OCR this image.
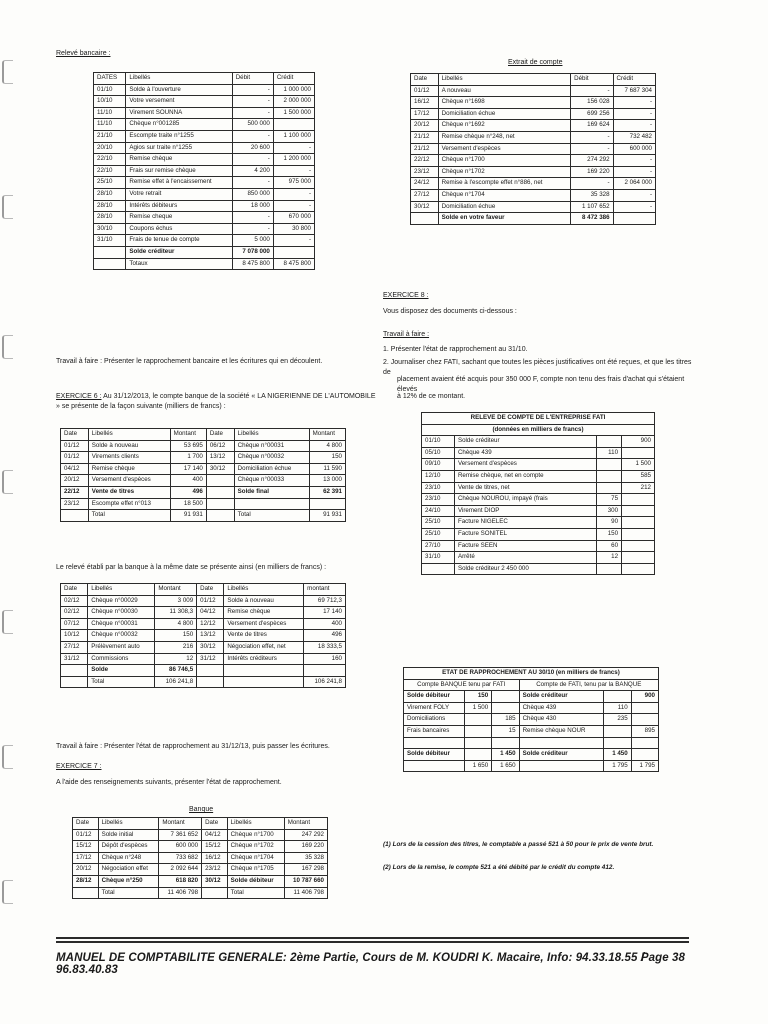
Relevé bancaire :
DATES	Libellés	Débit	Crédit
01/10	Solde à l'ouverture	-	1 000 000
10/10	Votre versement	-	2 000 000
11/10	Virement SOUNNA	-	1 500 000
11/10	Chèque n°001285	500 000	
21/10	Escompte traite n°1255	-	1 100 000
20/10	Agios sur traite n°1255	20 600	-
22/10	Remise chèque	-	1 200 000
22/10	Frais sur remise chèque	4 200	-
25/10	Remise effet à l'encaissement	-	975 000
28/10	Votre retrait	850 000	-
28/10	Intérêts débiteurs	18 000	-
28/10	Remise cheque	-	670 000
30/10	Coupons échus	-	30 800
31/10	Frais de tenue de compte	5 000	-
	Solde créditeur	7 078 000	
	Totaux	8 475 800	8 475 800
Travail à faire : Présenter le rapprochement bancaire et les écritures qui en découlent.
EXERCICE 6 : Au 31/12/2013, le compte banque de la société « LA NIGERIENNE DE L'AUTOMOBILE » se présente de la façon suivante (milliers de francs) :
Date	Libellés	Montant	Date	Libellés	Montant
01/12	Solde à nouveau	53 695	06/12	Chèque n°00031	4 800
01/12	Virements clients	1 700	13/12	Chèque n°00032	150
04/12	Remise chèque	17 140	30/12	Domiciliation échue	11 590
20/12	Versement d'espèces	400		Chèque n°00033	13 000
22/12	Vente de titres	496		Solde final	62 391
23/12	Escompte effet n°013	18 500			
	Total	91 931		Total	91 931
Le relevé établi par la banque à la même date se présente ainsi (en milliers de francs) :
Date	Libellés	Montant	Date	Libellés	montant
02/12	Chèque n°00029	3 009	01/12	Solde à nouveau	69 712,3
02/12	Chèque n°00030	11 308,3	04/12	Remise chèque	17 140
07/12	Chèque n°00031	4 800	12/12	Versement d'espèces	400
10/12	Chèque n°00032	150	13/12	Vente de titres	496
27/12	Prélèvement auto	216	30/12	Négociation effet, net	18 333,5
31/12	Commissions	12	31/12	Intérêts créditeurs	160
	Solde	86 746,5			
	Total	106 241,8			106 241,8
Travail à faire : Présenter l'état de rapprochement au 31/12/13, puis passer les écritures.
EXERCICE 7 :
A l'aide des renseignements suivants, présenter l'état de rapprochement.
Banque
Date	Libellés	Montant	Date	Libellés	Montant
01/12	Solde initial	7 361 652	04/12	Chèque n°1700	247 292
15/12	Dépôt d'espèces	600 000	15/12	Chèque n°1702	169 220
17/12	Chèque n°248	733 682	16/12	Chèque n°1704	35 328
20/12	Négociation effet	2 092 644	23/12	Chèque n°1705	167 298
28/12	Chèque n°250	618 820	30/12	Solde débiteur	10 787 660
	Total	11 406 798		Total	11 406 798
Extrait de compte
Date	Libellés	Débit	Crédit
01/12	A nouveau	-	7 687 304
16/12	Chèque n°1698	156 028	-
17/12	Domiciliation échue	699 256	-
20/12	Chèque n°1692	169 624	-
21/12	Remise chèque n°248, net	-	732 482
21/12	Versement d'espèces	-	600 000
22/12	Chèque n°1700	274 292	-
23/12	Chèque n°1702	169 220	-
24/12	Remise à l'escompte effet n°886, net	-	2 064 000
27/12	Chèque n°1704	35 328	-
30/12	Domiciliation échue	1 107 652	-
	Solde en votre faveur	8 472 386	
EXERCICE 8 :
Vous disposez des documents ci-dessous :
Travail à faire :
1. Présenter l'état de rapprochement au 31/10.
2. Journaliser chez FATI, sachant que toutes les pièces justificatives ont été reçues, et que les titres de
placement avaient été acquis pour 350 000 F, compte non tenu des frais d'achat qui s'étaient élevés
à 12% de ce montant.
RELEVE DE COMPTE DE L'ENTREPRISE FATI			
(données en milliers de francs)			
01/10	Solde créditeur		900
05/10	Chèque 439	110	
09/10	Versement d'espèces		1 500
12/10	Remise chèque, net en compte		585
23/10	Vente de titres, net		212
23/10	Chèque NOUROU, impayé (frais	75	
24/10	Virement DIOP	300	
25/10	Facture NIGELEC	90	
25/10	Facture SONITEL	150	
27/10	Facture SEEN	60	
31/10	Arrêté	12	
	Solde créditeur 2 450 000		
ETAT DE RAPPROCHEMENT AU 30/10 (en milliers de francs)					
Compte BANQUE tenu par FATI			Compte de FATI, tenu par la BANQUE		
Solde débiteur	150		Solde créditeur		900
Virement FOLY	1 500		Chèque 439	110	
Domiciliations		185	Chèque 430	235	
Frais bancaires		15	Remise chèque NOUR		895

Solde débiteur		1 450	Solde créditeur	1 450	
	1 650	1 650		1 795	1 795
(1) Lors de la cession des titres, le comptable a passé 521 à 50 pour le prix de vente brut.
(2) Lors de la remise, le compte 521 a été débité par le crédit du compte 412.
MANUEL DE COMPTABILITE GENERALE: 2ème Partie, Cours de M. KOUDRI K. Macaire, Info: 94.33.18.55 / 96.83.40.83
Page 38
